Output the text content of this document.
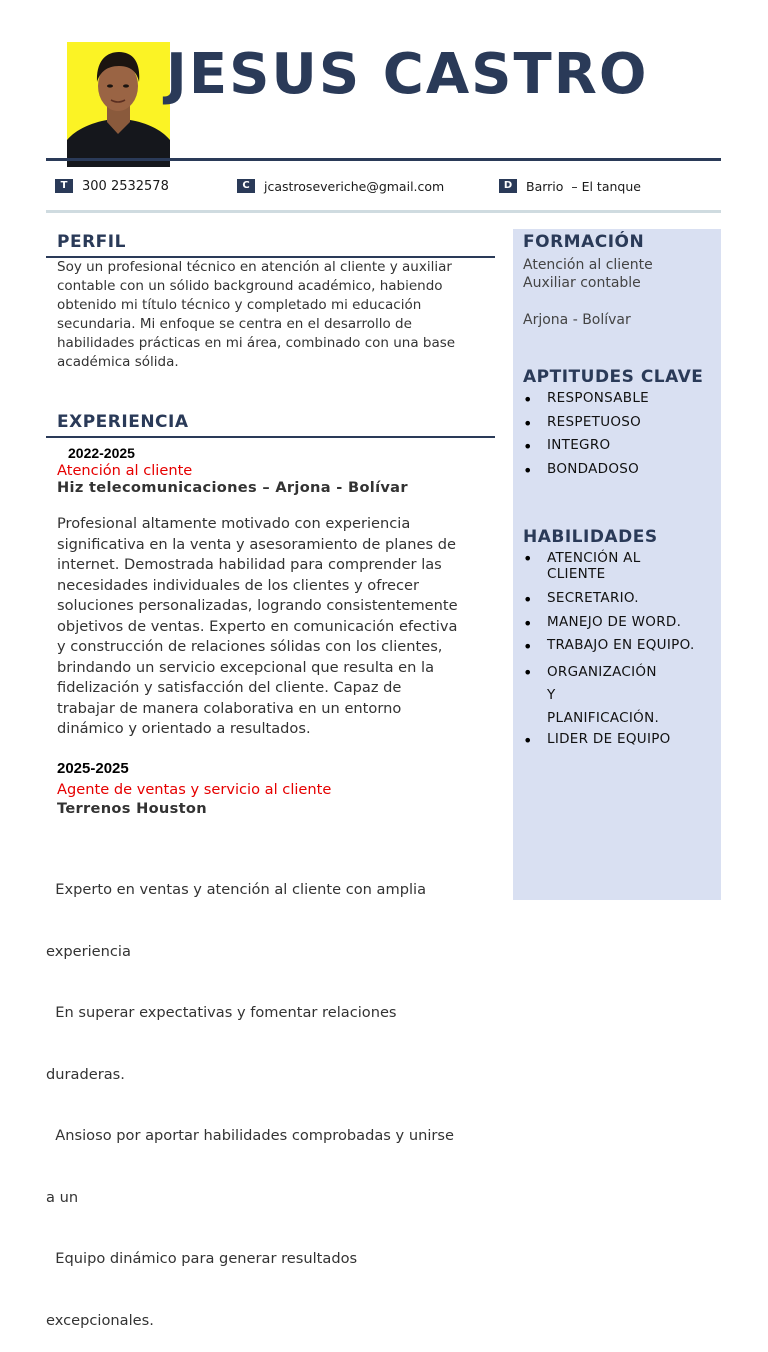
JESUS CASTRO
T	300 2532578	C	jcastroseveriche@gmail.com	D	Barrio  – El tanque
PERFIL
Soy un profesional técnico en atención al cliente y auxiliar
contable con un sólido background académico, habiendo
obtenido mi título técnico y completado mi educación
secundaria. Mi enfoque se centra en el desarrollo de
habilidades prácticas en mi área, combinado con una base
académica sólida.
EXPERIENCIA
2022-2025
Atención al cliente
Hiz telecomunicaciones – Arjona - Bolívar
Profesional altamente motivado con experiencia
significativa en la venta y asesoramiento de planes de
internet. Demostrada habilidad para comprender las
necesidades individuales de los clientes y ofrecer
soluciones personalizadas, logrando consistentemente
objetivos de ventas. Experto en comunicación efectiva
y construcción de relaciones sólidas con los clientes,
brindando un servicio excepcional que resulta en la
fidelización y satisfacción del cliente. Capaz de
trabajar de manera colaborativa en un entorno
dinámico y orientado a resultados.
2025-2025
Agente de ventas y servicio al cliente
Terrenos Houston

Experto en ventas y atención al cliente con amplia

experiencia

En superar expectativas y fomentar relaciones

duraderas.

Ansioso por aportar habilidades comprobadas y unirse

a un

Equipo dinámico para generar resultados

excepcionales.

FORMACIÓN
Atención al cliente
Auxiliar contable
Arjona - Bolívar
APTITUDES CLAVE
• RESPONSABLE
• RESPETUOSO
• INTEGRO
• BONDADOSO
HABILIDADES
• ATENCIÓN AL
CLIENTE
• SECRETARIO.
• MANEJO DE WORD.
• TRABAJO EN EQUIPO.
• ORGANIZACIÓN
Y
PLANIFICACIÓN.
• LIDER DE EQUIPO
